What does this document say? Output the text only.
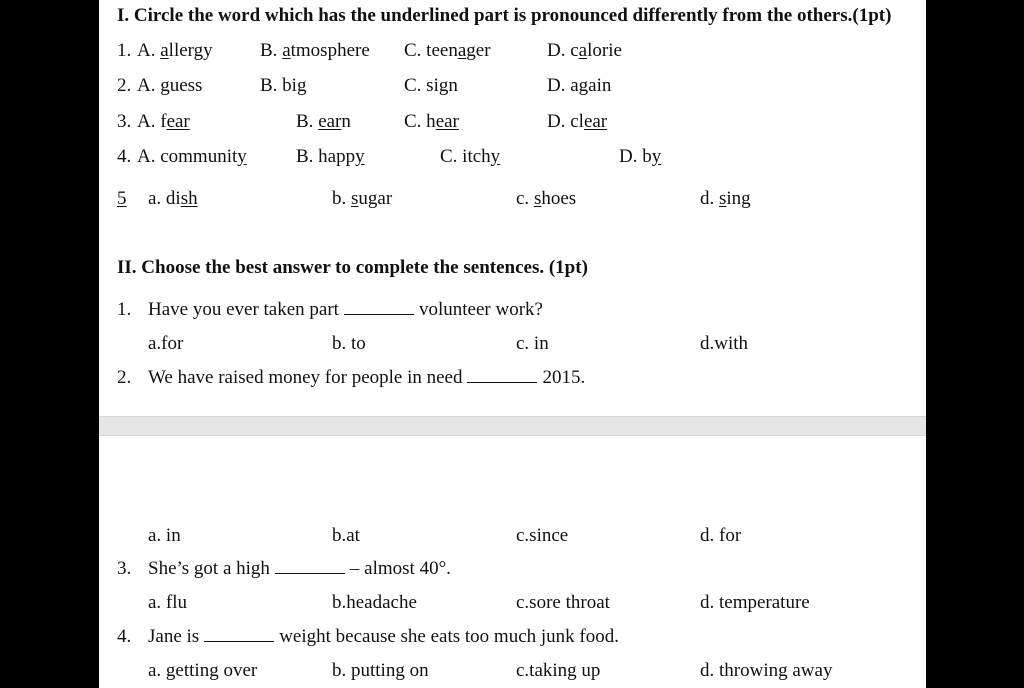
I. Circle the word which has the underlined part is pronounced differently from the others.(1pt)
1. A. allergy B. atmosphere C. teenager	D. calorie
2. A. guess	B. big	C. sign	D. again
3. A. fear	B. earn	C. hear	D. clear
4. A. community	B. happy	C. itchy	D. by
5 a. dish	b. sugar	c. shoes	d. sing
II. Choose the best answer to complete the sentences. (1pt)
1. Have you ever taken part	volunteer work?
a.for	b. to	c. in	d.with
2. We have raised money for people in need	2015.
a. in	b.at	c.since	d. for
3. She’s got a high	– almost 40°.
a. flu	b.headache	c.sore throat	d. temperature
4. Jane is	weight because she eats too much junk food.
a. getting over	b. putting on	c.taking up	d. throwing away
